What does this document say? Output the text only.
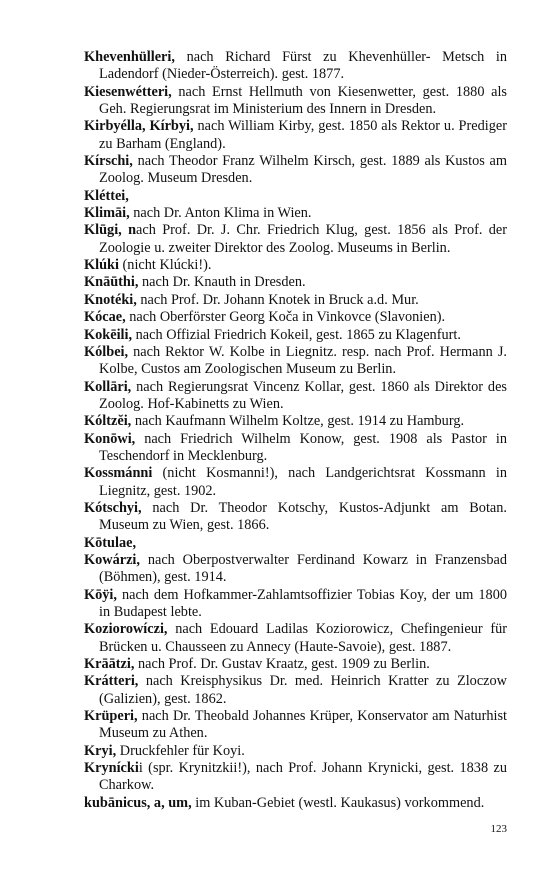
Khevenhülleri, nach Richard Fürst zu Khevenhüller- Metsch in Ladendorf (Nieder-Österreich). gest. 1877.
Kiesenwétteri, nach Ernst Hellmuth von Kiesenwetter, gest. 1880 als Geh. Regierungsrat im Ministerium des Innern in Dresden.
Kirbyélla, Kírbyi, nach William Kirby, gest. 1850 als Rektor u. Prediger zu Barham (England).
Kírschi, nach Theodor Franz Wilhelm Kirsch, gest. 1889 als Kustos am Zoolog. Museum Dresden.
Kléttei,
Klimāi, nach Dr. Anton Klima in Wien.
Klūgi, nach Prof. Dr. J. Chr. Friedrich Klug, gest. 1856 als Prof. der Zoologie u. zweiter Direktor des Zoolog. Museums in Berlin.
Klúki (nicht Klúcki!).
Knāūthi, nach Dr. Knauth in Dresden.
Knotéki, nach Prof. Dr. Johann Knotek in Bruck a.d. Mur.
Kócae, nach Oberförster Georg Koča in Vinkovce (Slavonien).
Kokēili, nach Offizial Friedrich Kokeil, gest. 1865 zu Klagenfurt.
Kólbei, nach Rektor W. Kolbe in Liegnitz. resp. nach Prof. Hermann J. Kolbe, Custos am Zoologischen Museum zu Berlin.
Kollāri, nach Regierungsrat Vincenz Kollar, gest. 1860 als Direktor des Zoolog. Hof-Kabinetts zu Wien.
Kóltzĕi, nach Kaufmann Wilhelm Koltze, gest. 1914 zu Hamburg.
Konōwi, nach Friedrich Wilhelm Konow, gest. 1908 als Pastor in Teschendorf in Mecklenburg.
Kossmánni (nicht Kosmanni!), nach Landgerichtsrat Kossmann in Liegnitz, gest. 1902.
Kótschyi, nach Dr. Theodor Kotschy, Kustos-Adjunkt am Botan. Museum zu Wien, gest. 1866.
Kōtulae,
Kowárzi, nach Oberpostverwalter Ferdinand Kowarz in Franzensbad (Böhmen), gest. 1914.
Kōÿi, nach dem Hofkammer-Zahlamtsoffizier Tobias Koy, der um 1800 in Budapest lebte.
Koziorowíczi, nach Edouard Ladilas Koziorowicz, Chefingenieur für Brücken u. Chausseen zu Annecy (Haute-Savoie), gest. 1887.
Krāātzi, nach Prof. Dr. Gustav Kraatz, gest. 1909 zu Berlin.
Krátteri, nach Kreisphysikus Dr. med. Heinrich Kratter zu Zloczow (Galizien), gest. 1862.
Krüperi, nach Dr. Theobald Johannes Krüper, Konservator am Naturhist Museum zu Athen.
Kryi, Druckfehler für Koyi.
Kryníckii (spr. Krynitzkii!), nach Prof. Johann Krynicki, gest. 1838 zu Charkow.
kubānicus, a, um, im Kuban-Gebiet (westl. Kaukasus) vorkommend.
123
